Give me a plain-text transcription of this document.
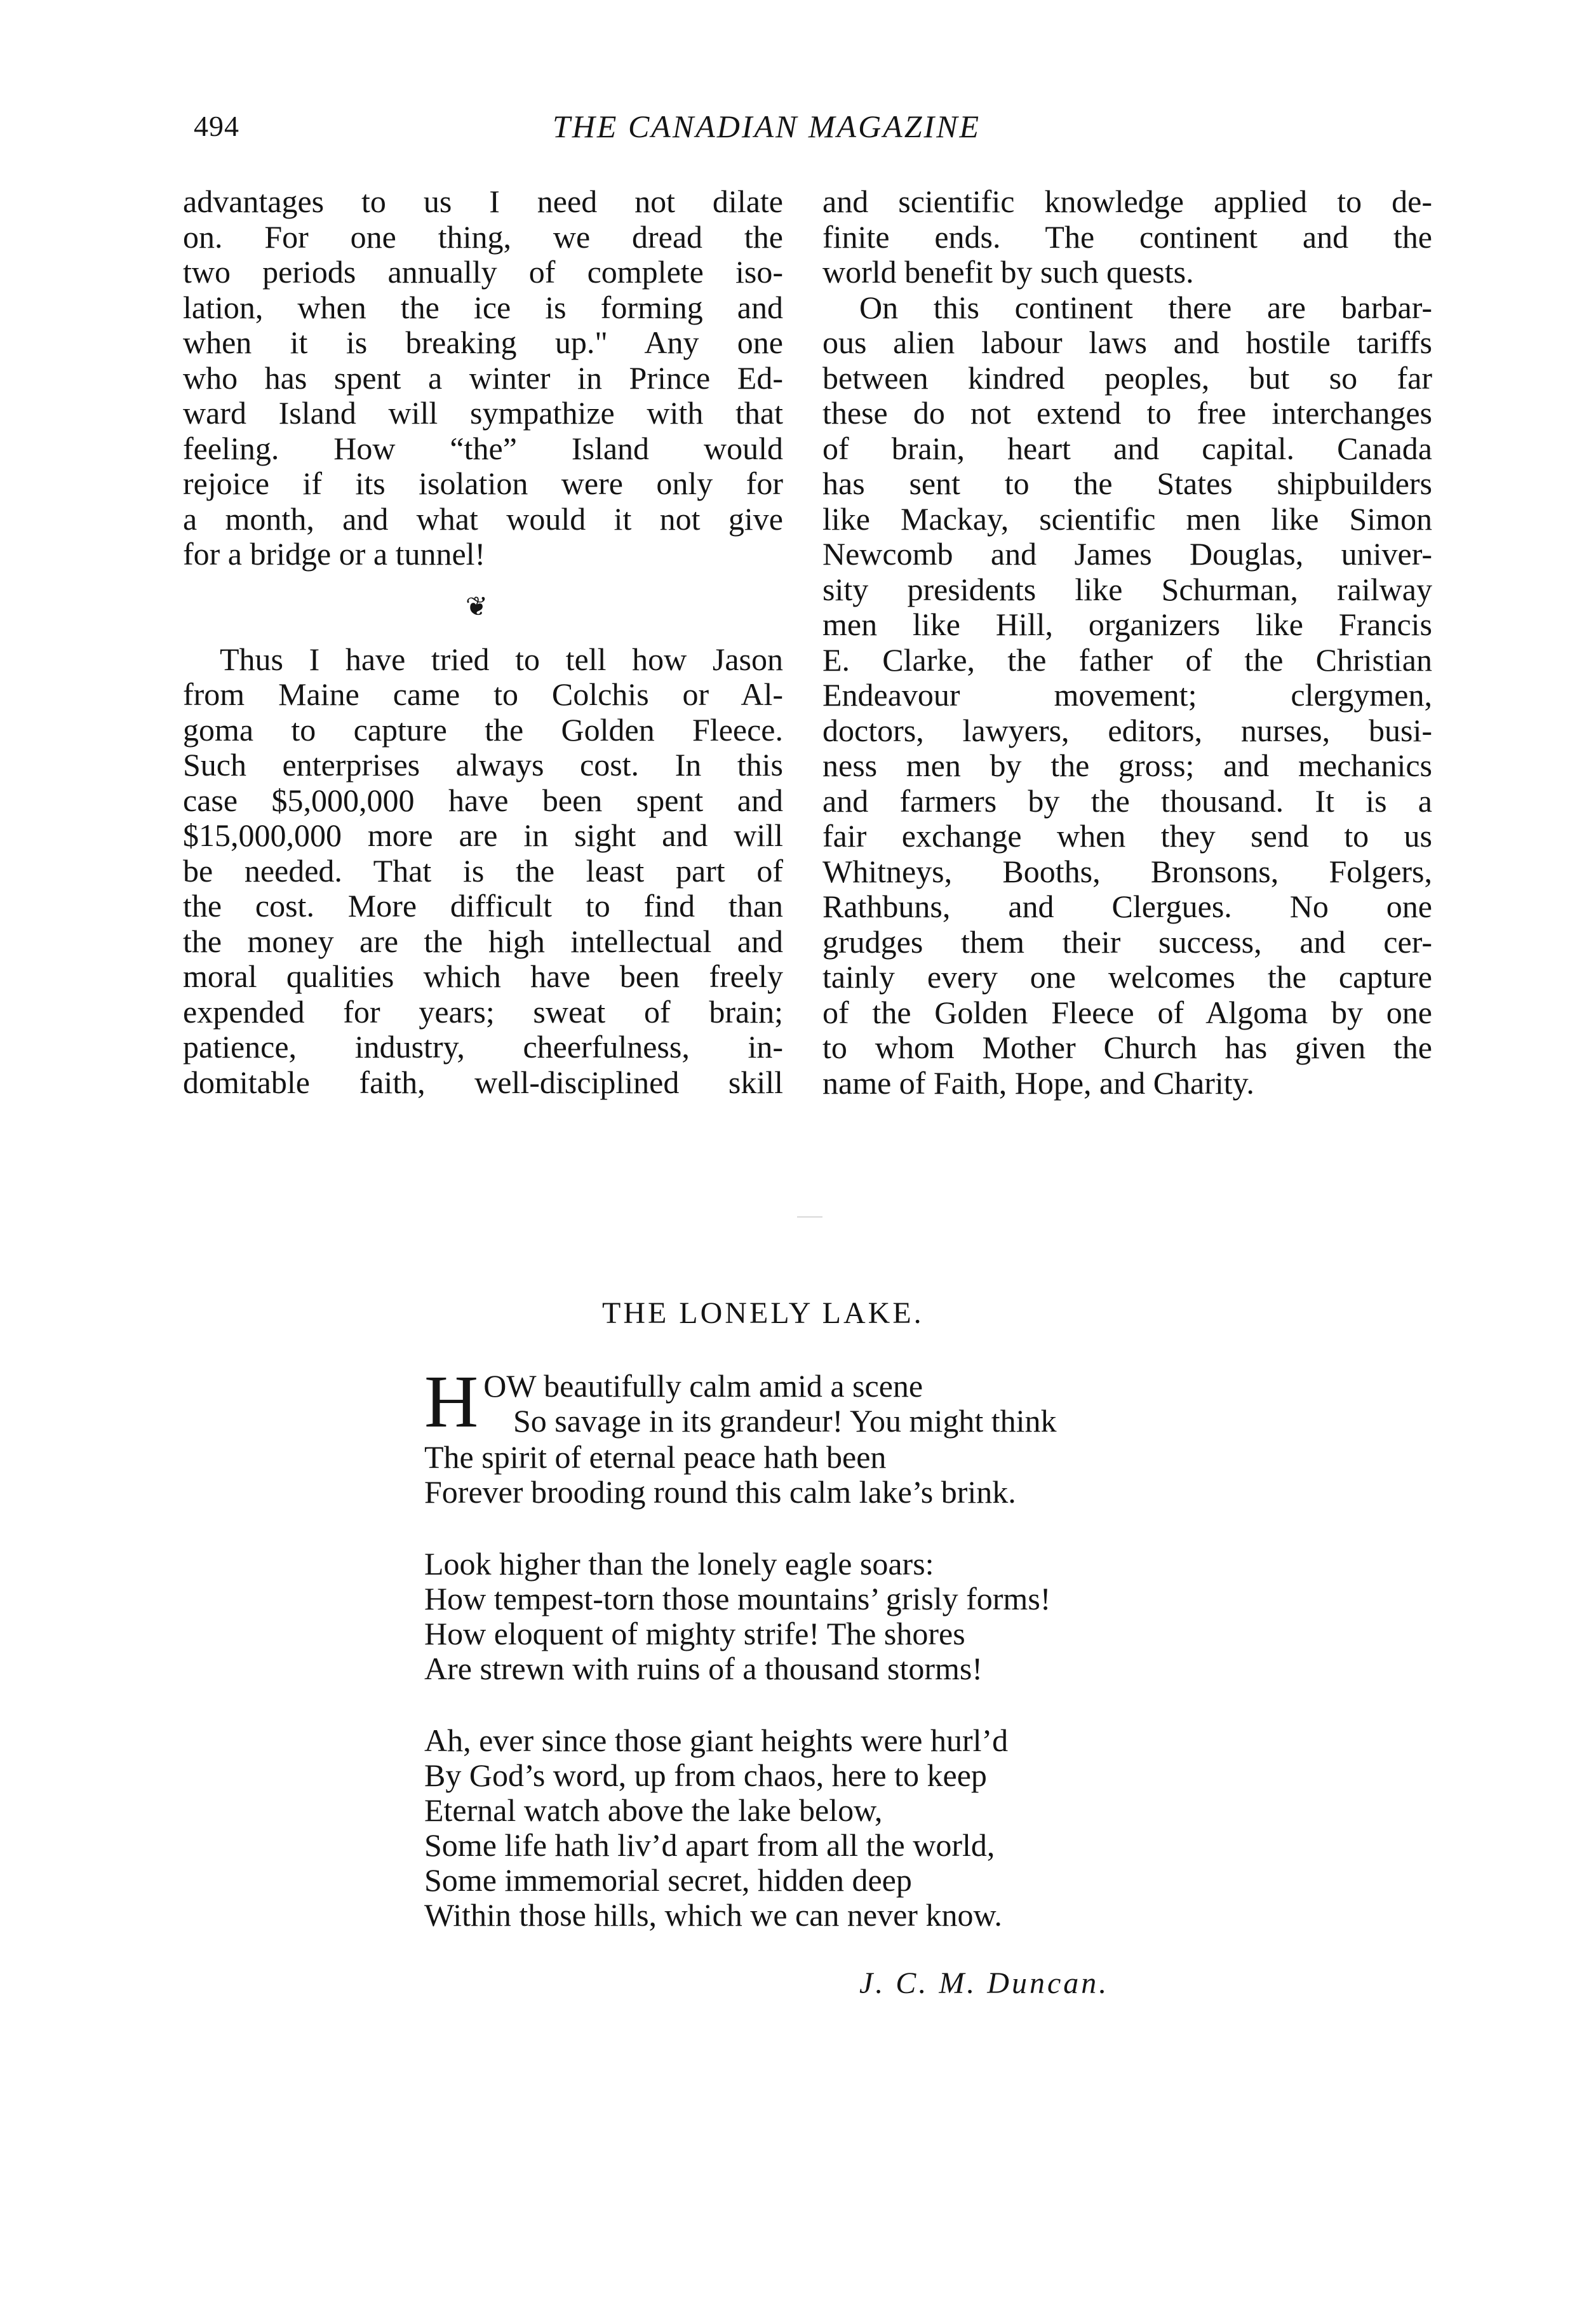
494	THE CANADIAN MAGAZINE
advantages to us I need not dilate
on. For one thing, we dread the
two periods annually of complete iso-
lation, when the ice is forming and
when it is breaking up." Any one
who has spent a winter in Prince Ed-
ward Island will sympathize with that
feeling. How “the” Island would
rejoice if its isolation were only for
a month, and what would it not give
for a bridge or a tunnel!
❦
Thus I have tried to tell how Jason
from Maine came to Colchis or Al-
goma to capture the Golden Fleece.
Such enterprises always cost. In this
case $5,000,000 have been spent and
$15,000,000 more are in sight and will
be needed. That is the least part of
the cost. More difficult to find than
the money are the high intellectual and
moral qualities which have been freely
expended for years; sweat of brain;
patience, industry, cheerfulness, in-
domitable faith, well-disciplined skill
and scientific knowledge applied to de-
finite ends. The continent and the
world benefit by such quests.
On this continent there are barbar-
ous alien labour laws and hostile tariffs
between kindred peoples, but so far
these do not extend to free interchanges
of brain, heart and capital. Canada
has sent to the States shipbuilders
like Mackay, scientific men like Simon
Newcomb and James Douglas, univer-
sity presidents like Schurman, railway
men like Hill, organizers like Francis
E. Clarke, the father of the Christian
Endeavour movement; clergymen,
doctors, lawyers, editors, nurses, busi-
ness men by the gross; and mechanics
and farmers by the thousand. It is a
fair exchange when they send to us
Whitneys, Booths, Bronsons, Folgers,
Rathbuns, and Clergues. No one
grudges them their success, and cer-
tainly every one welcomes the capture
of the Golden Fleece of Algoma by one
to whom Mother Church has given the
name of Faith, Hope, and Charity.
THE LONELY LAKE.
H OW beautifully calm amid a scene
So savage in its grandeur! You might think
The spirit of eternal peace hath been
Forever brooding round this calm lake’s brink.
Look higher than the lonely eagle soars:
How tempest-torn those mountains’ grisly forms!
How eloquent of mighty strife! The shores
Are strewn with ruins of a thousand storms!
Ah, ever since those giant heights were hurl’d
By God’s word, up from chaos, here to keep
Eternal watch above the lake below,
Some life hath liv’d apart from all the world,
Some immemorial secret, hidden deep
Within those hills, which we can never know.
J. C. M. Duncan.
